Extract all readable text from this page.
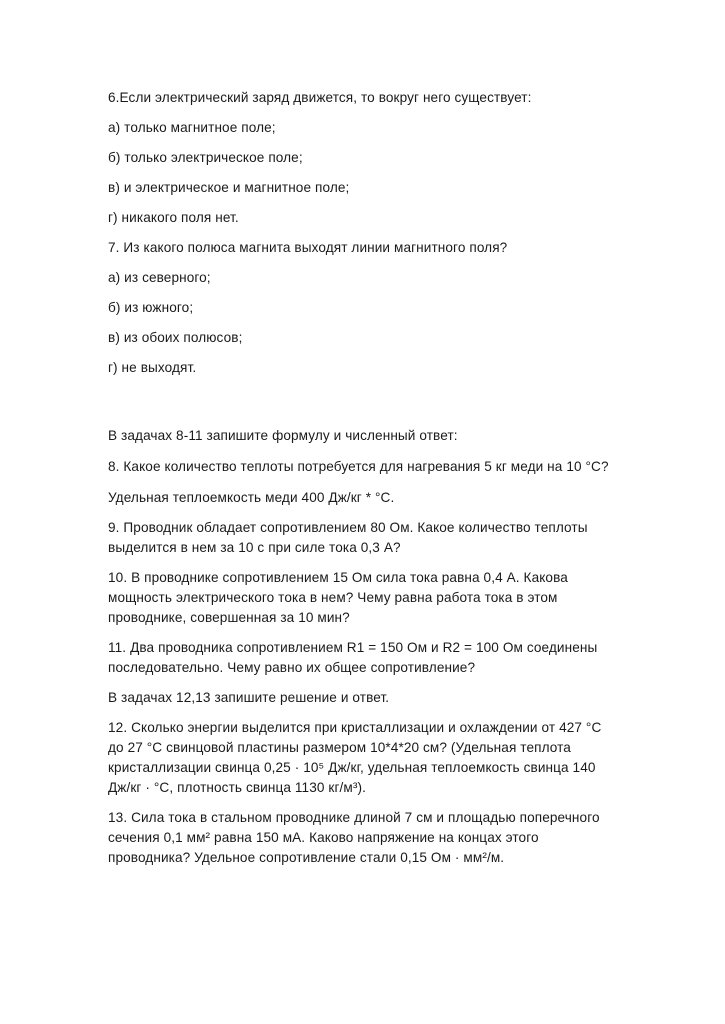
6.Если электрический заряд движется, то вокруг него существует:
а) только магнитное поле;
б) только электрическое поле;
в) и электрическое и магнитное поле;
г) никакого поля нет.
7. Из какого полюса магнита выходят линии магнитного поля?
а) из северного;
б) из южного;
в) из обоих полюсов;
г) не выходят.
В задачах 8-11 запишите формулу и численный ответ:
8. Какое количество теплоты потребуется для нагревания 5 кг меди на 10 °С?
Удельная теплоемкость меди 400 Дж/кг * °С.
9. Проводник обладает сопротивлением 80 Ом. Какое количество теплоты
выделится в нем за 10 с при силе тока 0,3 А?
10. В проводнике сопротивлением 15 Ом сила тока равна 0,4 А. Какова
мощность электрического тока в нем? Чему равна работа тока в этом
проводнике, совершенная за 10 мин?
11. Два проводника сопротивлением R1 = 150 Ом и R2 = 100 Ом соединены
последовательно. Чему равно их общее сопротивление?
В задачах 12,13 запишите решение и ответ.
12. Сколько энергии выделится при кристаллизации и охлаждении от 427 °С
до 27 °С свинцовой пластины размером 10*4*20 см? (Удельная теплота
кристаллизации свинца 0,25 · 10⁵ Дж/кг, удельная теплоемкость свинца 140
Дж/кг · °С, плотность свинца 1130 кг/м³).
13. Сила тока в стальном проводнике длиной 7 см и площадью поперечного
сечения 0,1 мм² равна 150 мА. Каково напряжение на концах этого
проводника? Удельное сопротивление стали 0,15 Ом · мм²/м.
